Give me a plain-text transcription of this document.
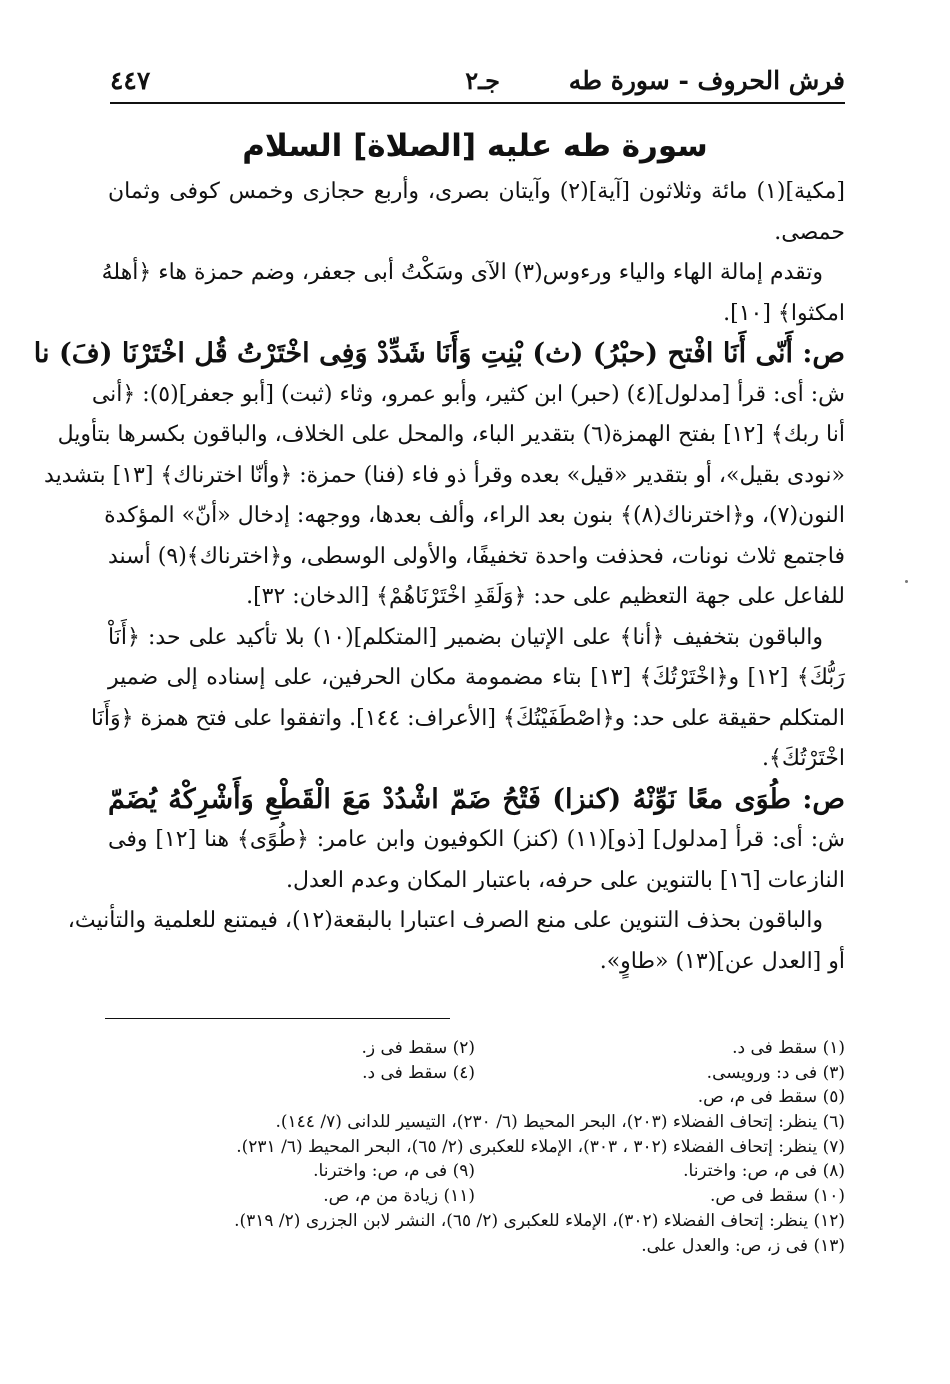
فرش الحروف - سورة طه
جـ٢
٤٤٧
سورة طه عليه [الصلاة] السلام
[مكية](١) مائة وثلاثون [آية](٢) وآيتان بصرى، وأربع حجازى وخمس كوفى وثمان
حمصى.
وتقدم إمالة الهاء والياء ورءوس(٣) الآى وسَكْتُ أبى جعفر، وضم حمزة هاء ﴿أهلهُ
امكثوا﴾ [١٠].
ص: أَنّى أَنَا افْتح (حبْرُ) (ث) بْنِتِ وَأَنَا شَدِّدْ وَفِى اخْتَرْتُ قُل اخْتَرْنَا (فَ) نا
ش: أى: قرأ [مدلول](٤) (حبر) ابن كثير، وأبو عمرو، وثاء (ثبت) [أبو جعفر](٥): ﴿أنى
أنا ربك﴾ [١٢] بفتح الهمزة(٦) بتقدير الباء، والمحل على الخلاف، والباقون بكسرها بتأويل
«نودى بقيل»، أو بتقدير «قيل» بعده وقرأ ذو فاء (فنا) حمزة: ﴿وأنّا اخترناك﴾ [١٣] بتشديد
النون(٧)، و﴿اخترناك(٨)﴾ بنون بعد الراء، وألف بعدها، ووجهه: إدخال «أنّ» المؤكدة
فاجتمع ثلاث نونات، فحذفت واحدة تخفيفًا، والأولى الوسطى، و﴿اخترناك﴾(٩) أسند
للفاعل على جهة التعظيم على حد: ﴿وَلَقَدِ اخْتَرْنَاهُمْ﴾ [الدخان: ٣٢].
والباقون بتخفيف ﴿أنا﴾ على الإتيان بضمير [المتكلم](١٠) بلا تأكيد على حد: ﴿أَنَاْ
رَبُّكَ﴾ [١٢] و﴿اخْتَرْتُكَ﴾ [١٣] بتاء مضمومة مكان الحرفين، على إسناده إلى ضمير
المتكلم حقيقة على حد: و﴿اصْطَفَيْتُكَ﴾ [الأعراف: ١٤٤]. واتفقوا على فتح همزة ﴿وَأَنَا
اخْتَرْتُكَ﴾.
ص: طُوَى معًا نَوِّنْهُ (كنزا) فَتْحُ ضَمّ اشْدُدْ مَعَ الْقَطْعِ وَأَشْرِكْهُ يُضَمّ
ش: أى: قرأ [مدلول] [ذو](١١) (كنز) الكوفيون وابن عامر: ﴿طُوًى﴾ هنا [١٢] وفى
النازعات [١٦] بالتنوين على حرفه، باعتبار المكان وعدم العدل.
والباقون بحذف التنوين على منع الصرف اعتبارا بالبقعة(١٢)، فيمتنع للعلمية والتأنيث،
أو [العدل عن](١٣) «طاوٍ».
(١) سقط فى د.
(٢) سقط فى ز.
(٣) فى د: ورويسى.
(٤) سقط فى د.
(٥) سقط فى م، ص.
(٦) ينظر: إتحاف الفضلاء (٢٠٣)، البحر المحيط (٦/ ٢٣٠)، التيسير للدانى (٧/ ١٤٤).
(٧) ينظر: إتحاف الفضلاء (٣٠٢ ، ٣٠٣)، الإملاء للعكبرى (٢/ ٦٥)، البحر المحيط (٦/ ٢٣١).
(٨) فى م، ص: واخترنا.
(٩) فى م، ص: واخترنا.
(١٠) سقط فى ص.
(١١) زيادة من م، ص.
(١٢) ينظر: إتحاف الفضلاء (٣٠٢)، الإملاء للعكبرى (٢/ ٦٥)، النشر لابن الجزرى (٢/ ٣١٩).
(١٣) فى ز، ص: والعدل على.
